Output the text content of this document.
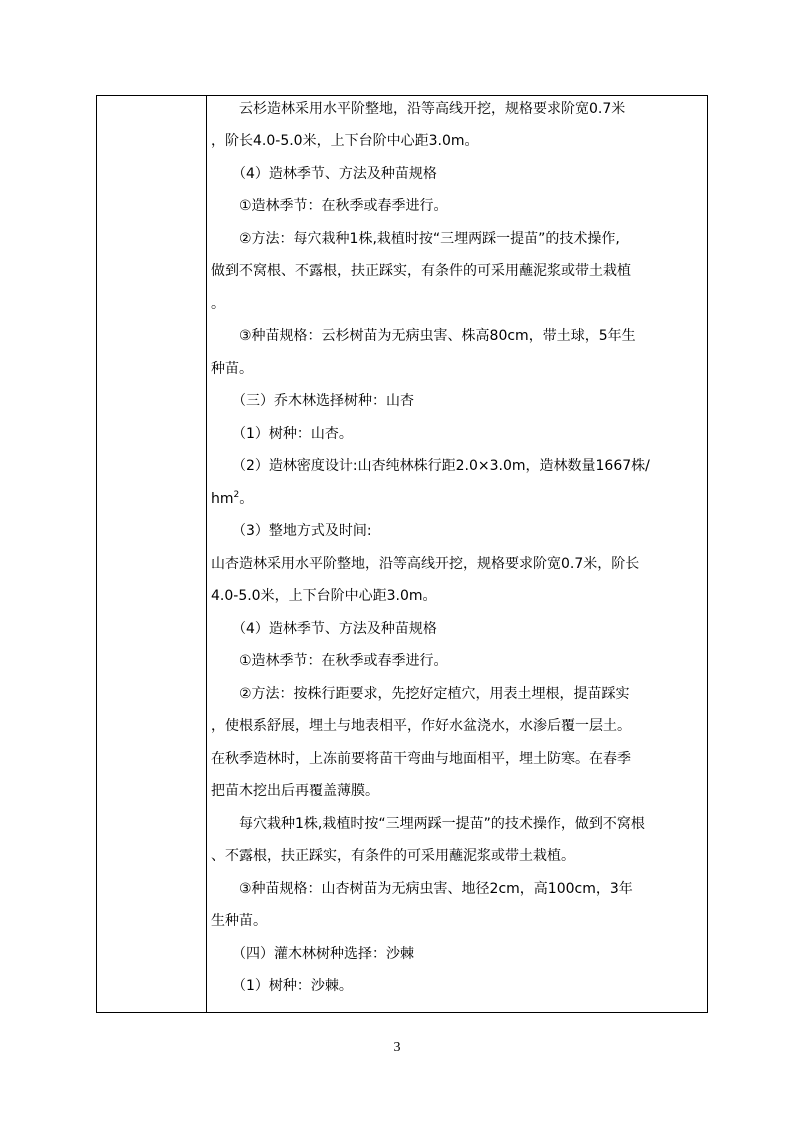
　　云杉造林采用水平阶整地，沿等高线开挖，规格要求阶宽0.7米
，阶长4.0-5.0米，上下台阶中心距3.0m。
　　（4）造林季节、方法及种苗规格
　　①造林季节：在秋季或春季进行。
　　②方法：每穴栽种1株,栽植时按“三埋两踩一提苗”的技术操作,
做到不窝根、不露根，扶正踩实，有条件的可采用蘸泥浆或带土栽植
。
　　③种苗规格：云杉树苗为无病虫害、株高80cm，带土球，5年生
种苗。
　　（三）乔木林选择树种：山杏
　　（1）树种：山杏。
　　（2）造林密度设计:山杏纯林株行距2.0×3.0m，造林数量1667株/
$hm^2$。
　　（3）整地方式及时间:
山杏造林采用水平阶整地，沿等高线开挖，规格要求阶宽0.7米，阶长
4.0-5.0米，上下台阶中心距3.0m。
　　（4）造林季节、方法及种苗规格
　　①造林季节：在秋季或春季进行。
　　②方法：按株行距要求，先挖好定植穴，用表土埋根，提苗踩实
，使根系舒展，埋土与地表相平，作好水盆浇水，水渗后覆一层土。
在秋季造林时，上冻前要将苗干弯曲与地面相平，埋土防寒。在春季
把苗木挖出后再覆盖薄膜。
　　每穴栽种1株,栽植时按“三埋两踩一提苗”的技术操作，做到不窝根
、不露根，扶正踩实，有条件的可采用蘸泥浆或带土栽植。
　　③种苗规格：山杏树苗为无病虫害、地径2cm，高100cm，3年
生种苗。
　　（四）灌木林树种选择：沙棘
　　（1）树种：沙棘。
3
